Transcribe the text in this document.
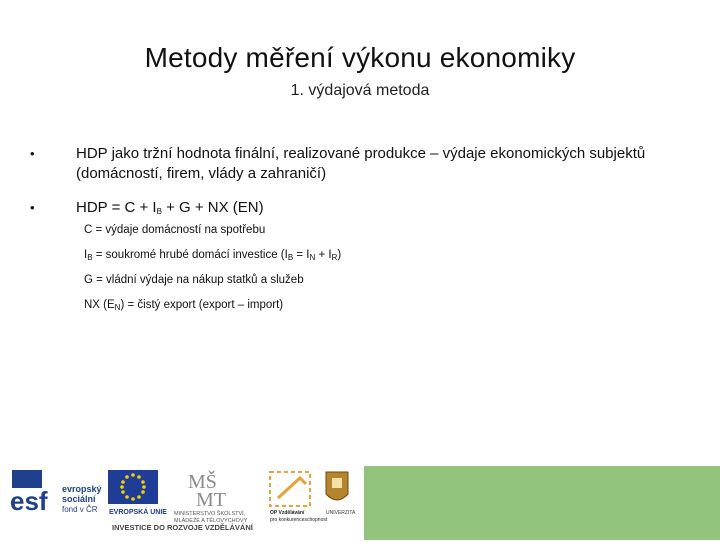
Metody měření výkonu ekonomiky
1. výdajová metoda
•	HDP jako tržní hodnota finální, realizované produkce – výdaje ekonomických subjektů (domácností, firem, vlády a zahraničí)
•	HDP = $C + I_B + G$ + NX (EN)
C = výdaje domácností na spotřebu
$I_B$ = soukromé hrubé domácí investice $(I_B = I_N + I_R)$
G = vládní výdaje na nákup statků a služeb
NX $(E_N)$ = čistý export (export – import)
esf evropský
sociální
fond v ČR EVROPSKÁ UNIE
MŠ
MT
MINISTERSTVO ŠKOLSTVÍ,
MLÁDEŽE A TĚLOVÝCHOVY
OP Vzdělávání
pro konkurenceschopnost
UNIVERZITA
INVESTICE DO ROZVOJE VZDĚLÁVÁNÍ
